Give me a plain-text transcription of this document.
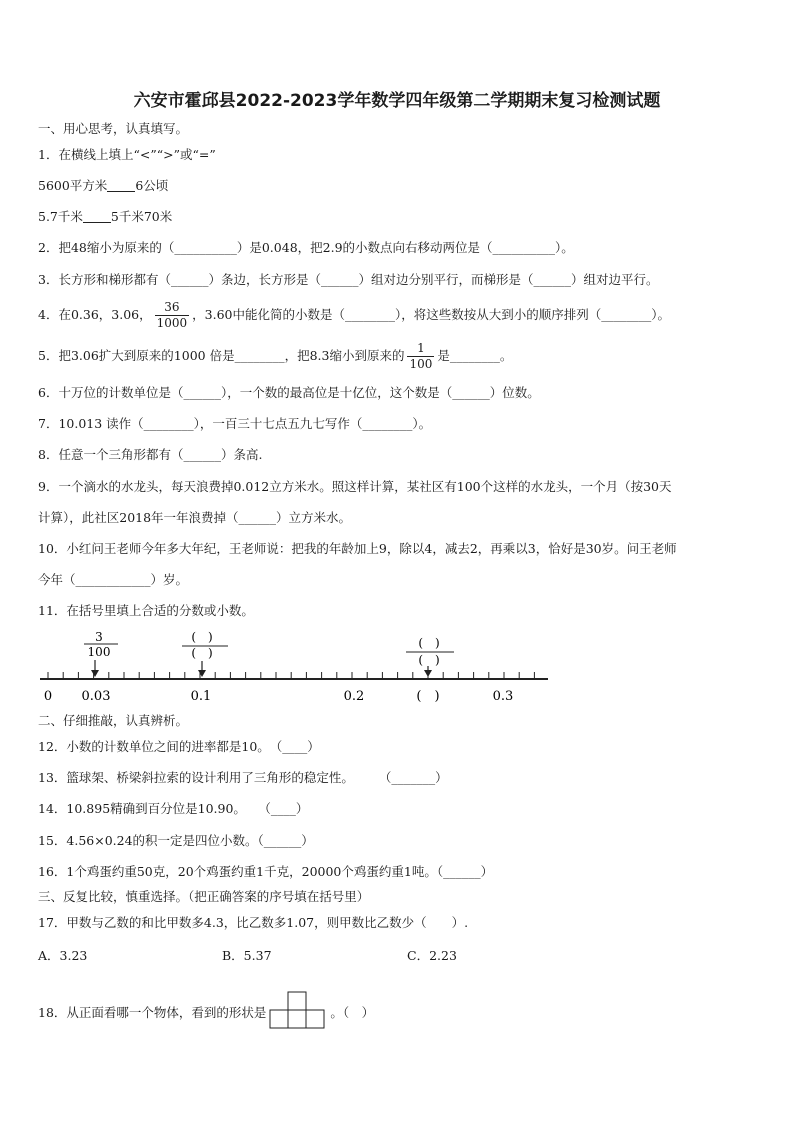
六安市霍邱县2022-2023学年数学四年级第二学期期末复习检测试题
一、用心思考，认真填写。
1．在横线上填上“<”“>”或“=”
5600平方米 6公顷
5.7千米 5千米70米
2．把48缩小为原来的（__________）是0.048，把2.9的小数点向右移动两位是（__________）。
3．长方形和梯形都有（______）条边，长方形是（______）组对边分别平行，而梯形是（______）组对边平行。
4．在0.36，3.06， $\frac{36}{1000}$ ，3.60中能化简的小数是（________），将这些数按从大到小的顺序排列（________）。
5．把3.06扩大到原来的1000 倍是________，把8.3缩小到原来的 $\frac{1}{100}$ 是________。
6．十万位的计数单位是（______），一个数的最高位是十亿位，这个数是（______）位数。
7．10.013 读作（________），一百三十七点五九七写作（________）。
8．任意一个三角形都有（______）条高.
9．一个滴水的水龙头，每天浪费掉0.012立方米水。照这样计算，某社区有100个这样的水龙头，一个月（按30天
计算），此社区2018年一年浪费掉（______）立方米水。
10．小红问王老师今年多大年纪，王老师说：把我的年龄加上9，除以4，减去2，再乘以3，恰好是30岁。问王老师
今年（____________）岁。
11．在括号里填上合适的分数或小数。
3
100
(　)
(　)
(　)
(　)
0 0.03	0.1	0.2	(　)	0.3
二、仔细推敲，认真辨析。
12．小数的计数单位之间的进率都是10。　（____）
13．篮球架、桥梁斜拉索的设计利用了三角形的稳定性。　　　（_______）
14．10.895精确到百分位是10.90。　　（____）
15．4.56×0.24的积一定是四位小数。（______）
16．1个鸡蛋约重50克，20个鸡蛋约重1千克，20000个鸡蛋约重1吨。（______）
三、反复比较，慎重选择。（把正确答案的序号填在括号里）
17．甲数与乙数的和比甲数多4.3，比乙数多1.07，则甲数比乙数少（　　）.
A．3.23	B．5.37	C．2.23
18．从正面看哪一个物体，看到的形状是	。（　）
